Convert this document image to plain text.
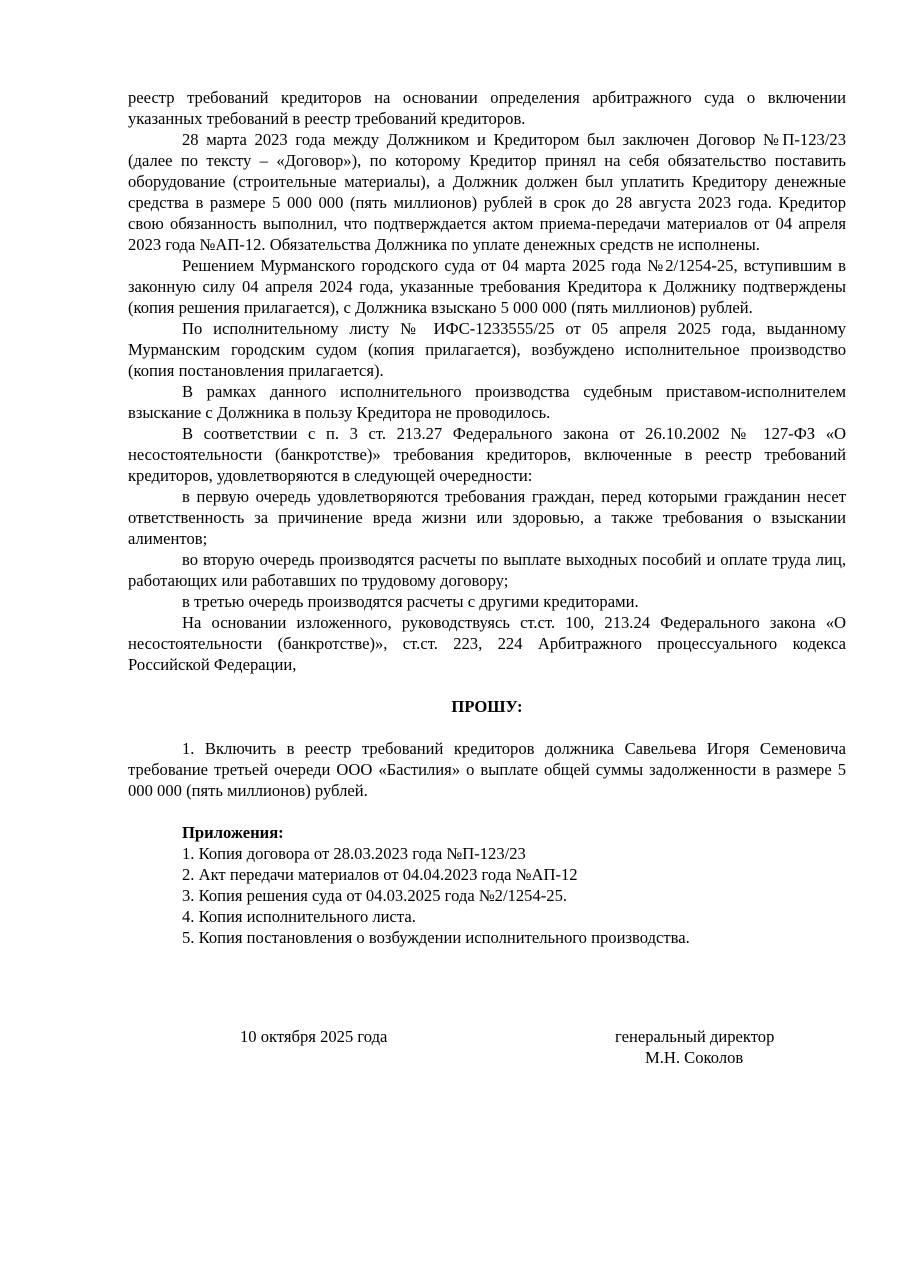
реестр требований кредиторов на основании определения арбитражного суда о включении указанных требований в реестр требований кредиторов.

28 марта 2023 года между Должником и Кредитором был заключен Договор №П-123/23 (далее по тексту – «Договор»), по которому Кредитор принял на себя обязательство поставить оборудование (строительные материалы), а Должник должен был уплатить Кредитору денежные средства в размере 5 000 000 (пять миллионов) рублей в срок до 28 августа 2023 года. Кредитор свою обязанность выполнил, что подтверждается актом приема-передачи материалов от 04 апреля 2023 года №АП-12. Обязательства Должника по уплате денежных средств не исполнены.

Решением Мурманского городского суда от 04 марта 2025 года №2/1254-25, вступившим в законную силу 04 апреля 2024 года, указанные требования Кредитора к Должнику подтверждены (копия решения прилагается), с Должника взыскано 5 000 000 (пять миллионов) рублей.

По исполнительному листу № ИФС-1233555/25 от 05 апреля 2025 года, выданному Мурманским городским судом (копия прилагается), возбуждено исполнительное производство (копия постановления прилагается).

В рамках данного исполнительного производства судебным приставом-исполнителем взыскание с Должника в пользу Кредитора не проводилось.

В соответствии с п. 3 ст. 213.27 Федерального закона от 26.10.2002 № 127-ФЗ «О несостоятельности (банкротстве)» требования кредиторов, включенные в реестр требований кредиторов, удовлетворяются в следующей очередности:

в первую очередь удовлетворяются требования граждан, перед которыми гражданин несет ответственность за причинение вреда жизни или здоровью, а также требования о взыскании алиментов;

во вторую очередь производятся расчеты по выплате выходных пособий и оплате труда лиц, работающих или работавших по трудовому договору;

в третью очередь производятся расчеты с другими кредиторами.

На основании изложенного, руководствуясь ст.ст. 100, 213.24 Федерального закона «О несостоятельности (банкротстве)», ст.ст. 223, 224 Арбитражного процессуального кодекса Российской Федерации,

ПРОШУ:

1. Включить в реестр требований кредиторов должника Савельева Игоря Семеновича требование третьей очереди ООО «Бастилия» о выплате общей суммы задолженности в размере 5 000 000 (пять миллионов) рублей.

Приложения:

1. Копия договора от 28.03.2023 года №П-123/23

2. Акт передачи материалов от 04.04.2023 года №АП-12

3. Копия решения суда от 04.03.2025 года №2/1254-25.

4. Копия исполнительного листа.

5. Копия постановления о возбуждении исполнительного производства.

10 октября 2025 года	генеральный директор
М.Н. Соколов
